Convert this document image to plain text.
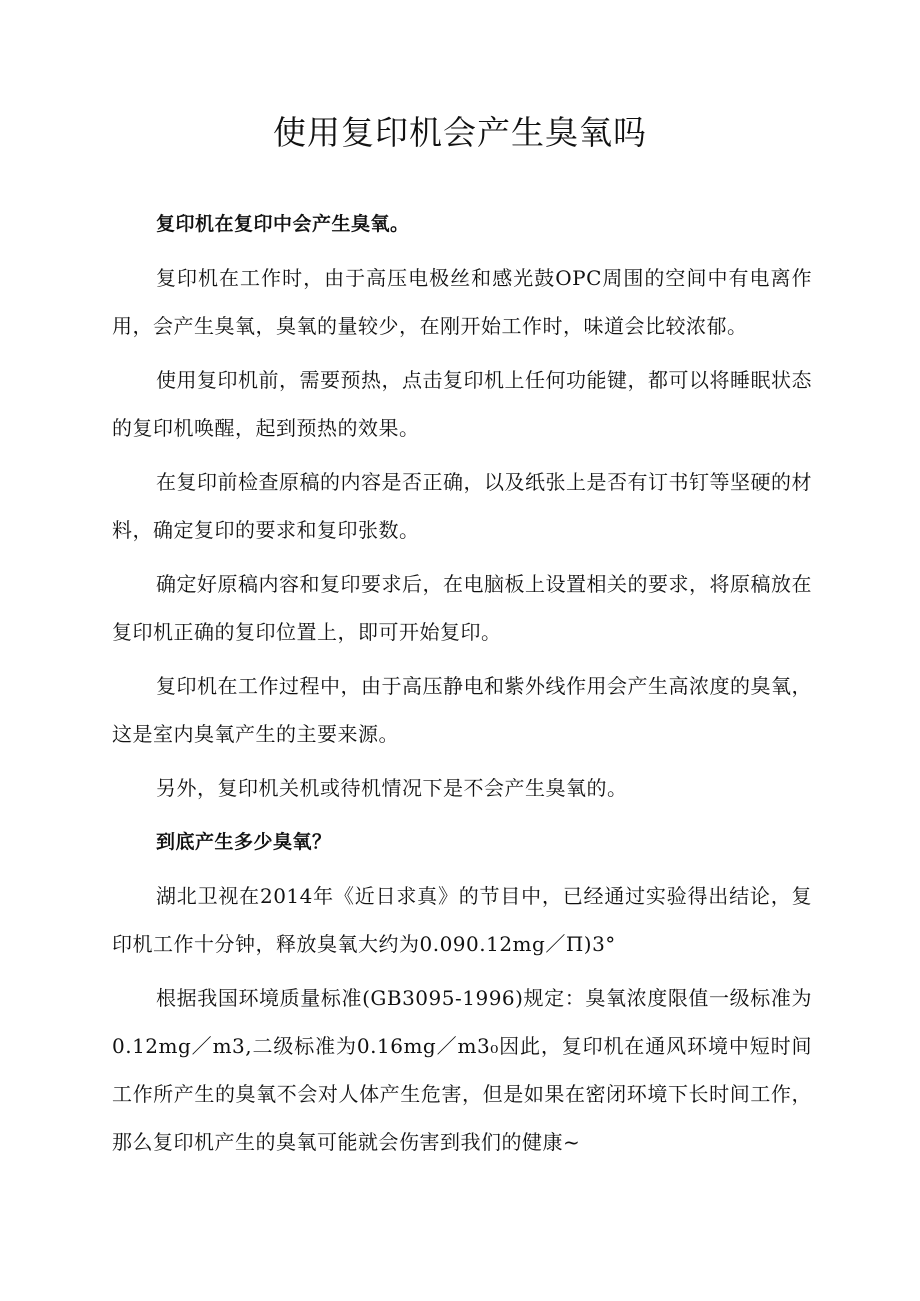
使用复印机会产生臭氧吗

复印机在复印中会产生臭氧。

复印机在工作时，由于高压电极丝和感光鼓OPC周围的空间中有电离作用，会产生臭氧，臭氧的量较少，在刚开始工作时，味道会比较浓郁。

使用复印机前，需要预热，点击复印机上任何功能键，都可以将睡眠状态的复印机唤醒，起到预热的效果。

在复印前检查原稿的内容是否正确，以及纸张上是否有订书钉等坚硬的材料，确定复印的要求和复印张数。

确定好原稿内容和复印要求后，在电脑板上设置相关的要求，将原稿放在复印机正确的复印位置上，即可开始复印。

复印机在工作过程中，由于高压静电和紫外线作用会产生高浓度的臭氧，这是室内臭氧产生的主要来源。

另外，复印机关机或待机情况下是不会产生臭氧的。

到底产生多少臭氧？

湖北卫视在2014年《近日求真》的节目中，已经通过实验得出结论，复印机工作十分钟，释放臭氧大约为0.090.12mg／Π)3°

根据我国环境质量标准(GB3095-1996)规定：臭氧浓度限值一级标准为0.12mg／m3,二级标准为0.16mg／m3₀因此，复印机在通风环境中短时间工作所产生的臭氧不会对人体产生危害，但是如果在密闭环境下长时间工作，那么复印机产生的臭氧可能就会伤害到我们的健康~
